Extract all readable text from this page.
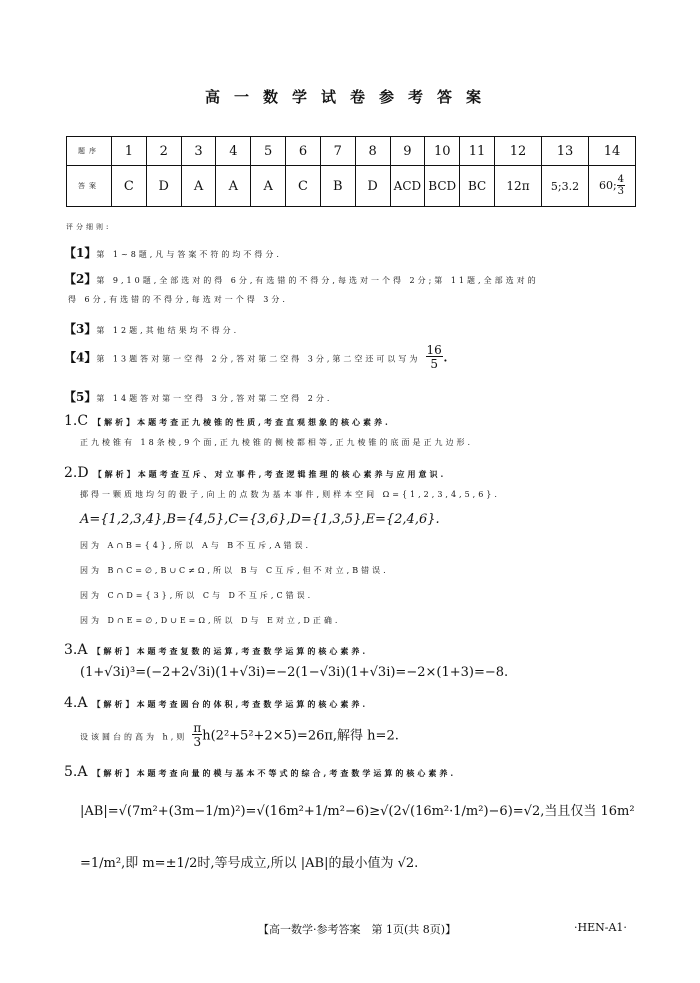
高一数学试卷参考答案
题序	1	2	3	4	5	6	7	8	9	10	11	12	13	14
答案	C	D	A	A	A	C	B	D	ACD	BCD	BC	12π	5;3.2	60; $\frac{4}{3}$
评分细则:
【1】第 1~8题,凡与答案不符的均不得分.
【2】第 9,10题,全部选对的得 6分,有选错的不得分,每选对一个得 2分;第 11题,全部选对的
得 6分,有选错的不得分,每选对一个得 3分.
【3】第 12题,其他结果均不得分.
【4】第 13题答对第一空得 2分,答对第二空得 3分,第二空还可以写为 $\frac{16}{5}$ .
【5】第 14题答对第一空得 3分,答对第二空得 2分.
1.C 【解析】本题考查正九棱锥的性质,考查直观想象的核心素养.
正九棱锥有 18条棱,9个面,正九棱锥的侧棱都相等,正九棱锥的底面是正九边形.
2.D 【解析】本题考查互斥、对立事件,考查逻辑推理的核心素养与应用意识.
掷得一颗质地均匀的骰子,向上的点数为基本事件,则样本空间 Ω={1,2,3,4,5,6}.
A={1,2,3,4},B={4,5},C={3,6},D={1,3,5},E={2,4,6}.
因为 A∩B={4},所以 A与 B不互斥,A错误.
因为 B∩C=∅,B∪C≠Ω,所以 B与 C互斥,但不对立,B错误.
因为 C∩D={3},所以 C与 D不互斥,C错误.
因为 D∩E=∅,D∪E=Ω,所以 D与 E对立,D正确.
3.A 【解析】本题考查复数的运算,考查数学运算的核心素养.
(1+√3i)³=(−2+2√3i)(1+√3i)=−2(1−√3i)(1+√3i)=−2×(1+3)=−8.
4.A 【解析】本题考查圆台的体积,考查数学运算的核心素养.
设该圆台的高为 h,则 $\frac{\pi}{3} h(2^2+5^2+2\times 5)=26\pi$,解得 h=2.
5.A 【解析】本题考查向量的模与基本不等式的综合,考查数学运算的核心素养.
|AB|=√(7m²+(3m−1/m)²)=√(16m²+1/m²−6)≥√(2√(16m²·1/m²)−6)=√2,当且仅当 16m²
=1/m²,即 m=±1/2时,等号成立,所以 |AB|的最小值为 √2.
【高一数学·参考答案　第 1页(共 8页)】	·HEN-A1·
